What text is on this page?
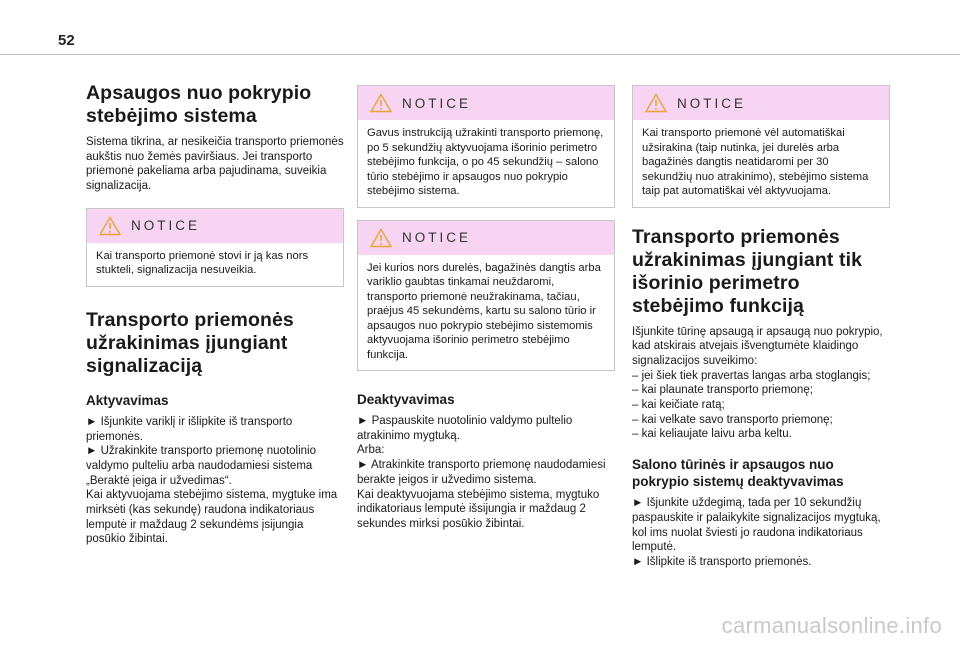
52
Apsaugos nuo pokrypio stebėjimo sistema

Sistema tikrina, ar nesikeičia transporto priemonės aukštis nuo žemės paviršiaus. Jei transporto priemonė pakeliama arba pajudinama, suveikia signalizacija.

NOTICE
Kai transporto priemonė stovi ir ją kas nors stukteli, signalizacija nesuveikia.
Transporto priemonės užrakinimas įjungiant signalizaciją
Aktyvavimas

► Išjunkite variklį ir išlipkite iš transporto priemonės.
► Užrakinkite transporto priemonę nuotolinio valdymo pulteliu arba naudodamiesi sistema „Beraktė įeiga ir užvedimas“.
Kai aktyvuojama stebėjimo sistema, mygtuke ima mirksėti (kas sekundę) raudona indikatoriaus lemputė ir maždaug 2 sekundėms įsijungia posūkio žibintai.

NOTICE
Gavus instrukciją užrakinti transporto priemonę, po 5 sekundžių aktyvuojama išorinio perimetro stebėjimo funkcija, o po 45 sekundžių – salono tūrio stebėjimo ir apsaugos nuo pokrypio stebėjimo sistema.
NOTICE
Jei kurios nors durelės, bagažinės dangtis arba variklio gaubtas tinkamai neuždaromi, transporto priemonė neužrakinama, tačiau, praėjus 45 sekundėms, kartu su salono tūrio ir apsaugos nuo pokrypio stebėjimo sistemomis aktyvuojama išorinio perimetro stebėjimo funkcija.
Deaktyvavimas

► Paspauskite nuotolinio valdymo pultelio atrakinimo mygtuką.
Arba:
► Atrakinkite transporto priemonę naudodamiesi berakte įeigos ir užvedimo sistema.
Kai deaktyvuojama stebėjimo sistema, mygtuko indikatoriaus lemputė išsijungia ir maždaug 2 sekundes mirksi posūkio žibintai.

NOTICE
Kai transporto priemonė vėl automatiškai užsirakina (taip nutinka, jei durelės arba bagažinės dangtis neatidaromi per 30 sekundžių nuo atrakinimo), stebėjimo sistema taip pat automatiškai vėl aktyvuojama.
Transporto priemonės užrakinimas įjungiant tik išorinio perimetro stebėjimo funkciją

Išjunkite tūrinę apsaugą ir apsaugą nuo pokrypio, kad atskirais atvejais išvengtumėte klaidingo signalizacijos suveikimo:

– jei šiek tiek pravertas langas arba stoglangis;
– kai plaunate transporto priemonę;
– kai keičiate ratą;
– kai velkate savo transporto priemonę;
– kai keliaujate laivu arba keltu.

Salono tūrinės ir apsaugos nuo pokrypio sistemų deaktyvavimas

► Išjunkite uždegimą, tada per 10 sekundžių paspauskite ir palaikykite signalizacijos mygtuką, kol ims nuolat šviesti jo raudona indikatoriaus lemputė.
► Išlipkite iš transporto priemonės.

carmanualsonline.info
